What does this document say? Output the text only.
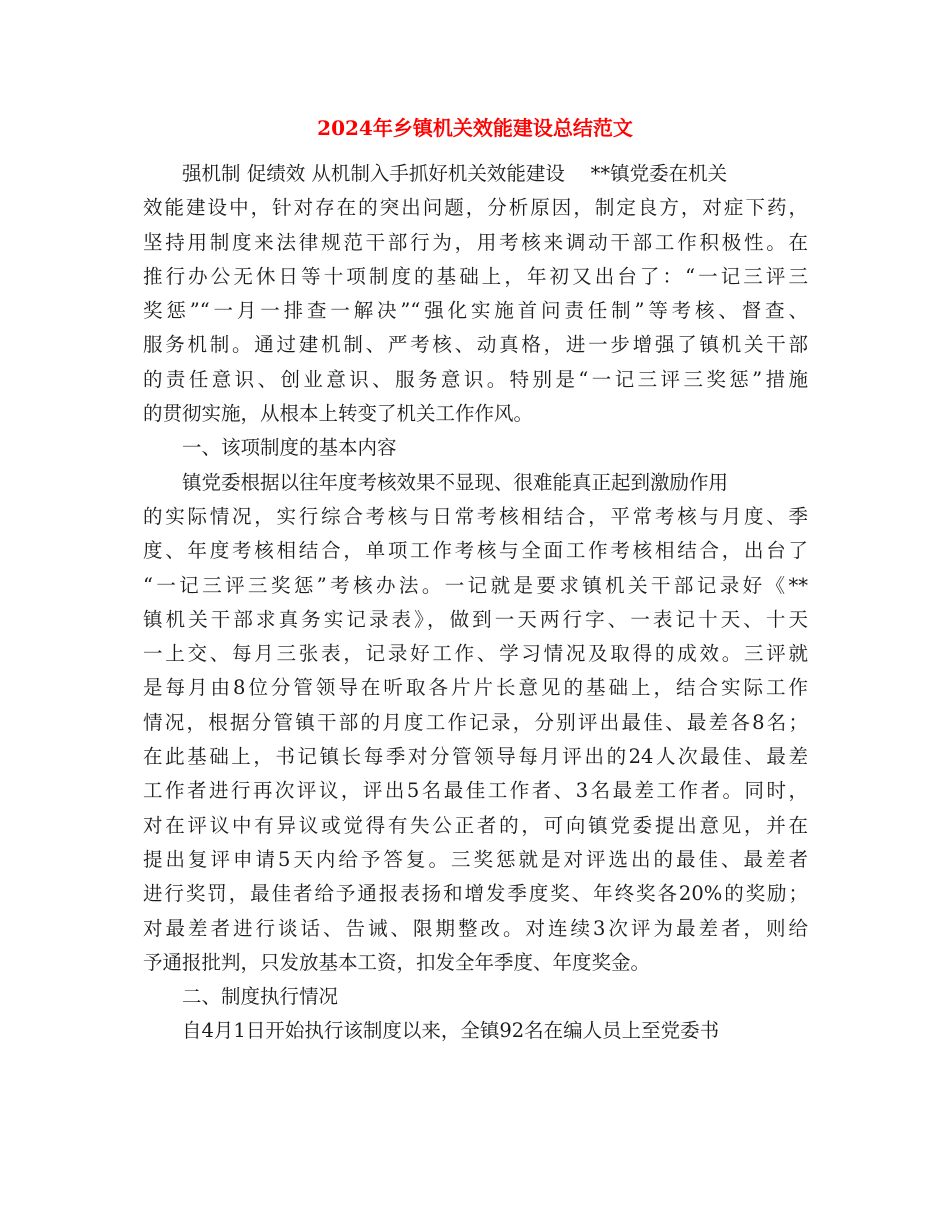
2024年乡镇机关效能建设总结范文
强机制 促绩效 从机制入手抓好机关效能建设　 **镇党委在机关
效能建设中，针对存在的突出问题，分析原因，制定良方，对症下药，
坚持用制度来法律规范干部行为，用考核来调动干部工作积极性。在
推行办公无休日等十项制度的基础上，年初又出台了：“一记三评三
奖惩”“一月一排查一解决”“强化实施首问责任制”等考核、督查、
服务机制。通过建机制、严考核、动真格，进一步增强了镇机关干部
的责任意识、创业意识、服务意识。特别是“一记三评三奖惩”措施
的贯彻实施，从根本上转变了机关工作作风。
一、该项制度的基本内容
镇党委根据以往年度考核效果不显现、很难能真正起到激励作用
的实际情况，实行综合考核与日常考核相结合，平常考核与月度、季
度、年度考核相结合，单项工作考核与全面工作考核相结合，出台了
“一记三评三奖惩”考核办法。一记就是要求镇机关干部记录好《**
镇机关干部求真务实记录表》，做到一天两行字、一表记十天、十天
一上交、每月三张表，记录好工作、学习情况及取得的成效。三评就
是每月由8位分管领导在听取各片片长意见的基础上，结合实际工作
情况，根据分管镇干部的月度工作记录，分别评出最佳、最差各8名；
在此基础上，书记镇长每季对分管领导每月评出的24人次最佳、最差
工作者进行再次评议，评出5名最佳工作者、3名最差工作者。同时，
对在评议中有异议或觉得有失公正者的，可向镇党委提出意见，并在
提出复评申请5天内给予答复。三奖惩就是对评选出的最佳、最差者
进行奖罚，最佳者给予通报表扬和增发季度奖、年终奖各20%的奖励；
对最差者进行谈话、告诫、限期整改。对连续3次评为最差者，则给
予通报批判，只发放基本工资，扣发全年季度、年度奖金。
二、制度执行情况
自4月1日开始执行该制度以来，全镇92名在编人员上至党委书
